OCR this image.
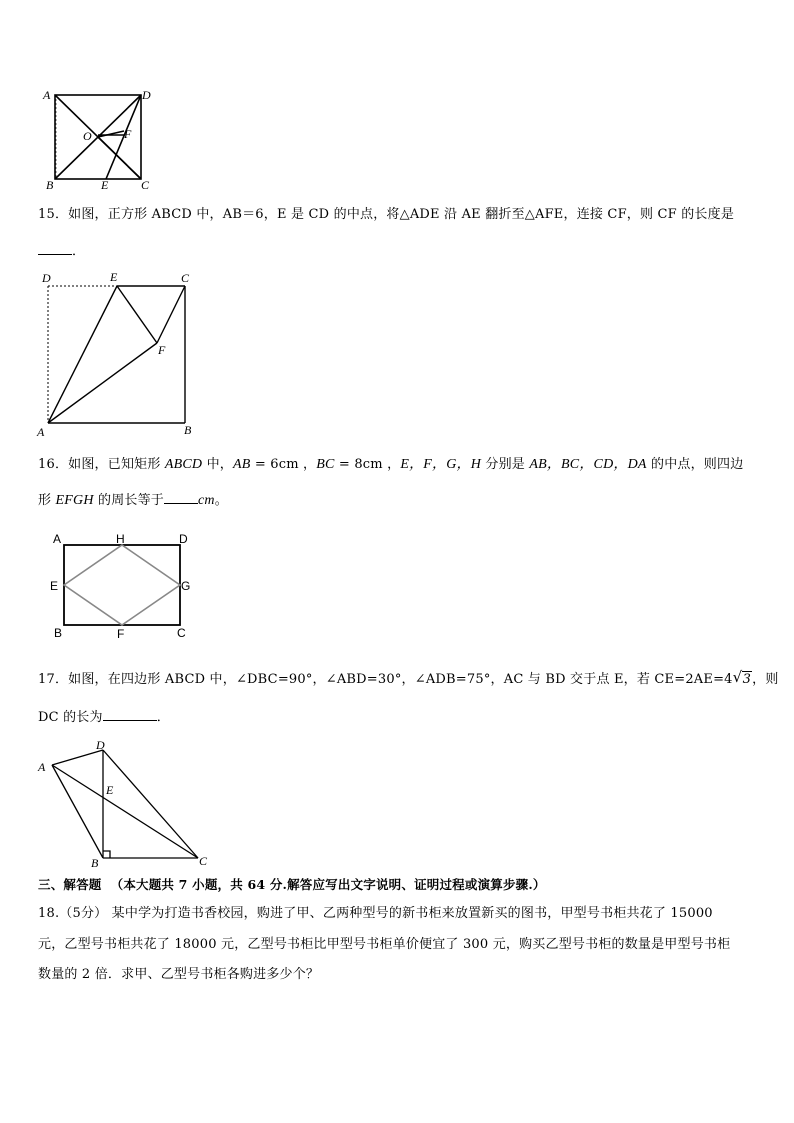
A	D
O	F
B	E	C
15．如图，正方形 ABCD 中，AB＝6，E 是 CD 的中点，将△ADE 沿 AE 翻折至△AFE，连接 CF，则 CF 的长度是
．
D	E	C
F
A	B
16．如图，已知矩形 ABCD 中，AB = 6cm ，BC = 8cm ，E，F，G，H 分别是 AB，BC，CD，DA 的中点，则四边
形 EFGH 的周长等于 cm。
A	H	D
E	G
B	F	C
17．如图，在四边形 ABCD 中，∠DBC=90°，∠ABD=30°，∠ADB=75°，AC 与 BD 交于点 E，若 CE=2AE=4 √ 3，则
DC 的长为	．
D
A
E
B	C
三、解答题 （本大题共 7 小题，共 64 分.解答应写出文字说明、证明过程或演算步骤.）
18.（5分） 某中学为打造书香校园，购进了甲、乙两种型号的新书柜来放置新买的图书，甲型号书柜共花了 15000
元，乙型号书柜共花了 18000 元，乙型号书柜比甲型号书柜单价便宜了 300 元，购买乙型号书柜的数量是甲型号书柜
数量的 2 倍．求甲、乙型号书柜各购进多少个？
